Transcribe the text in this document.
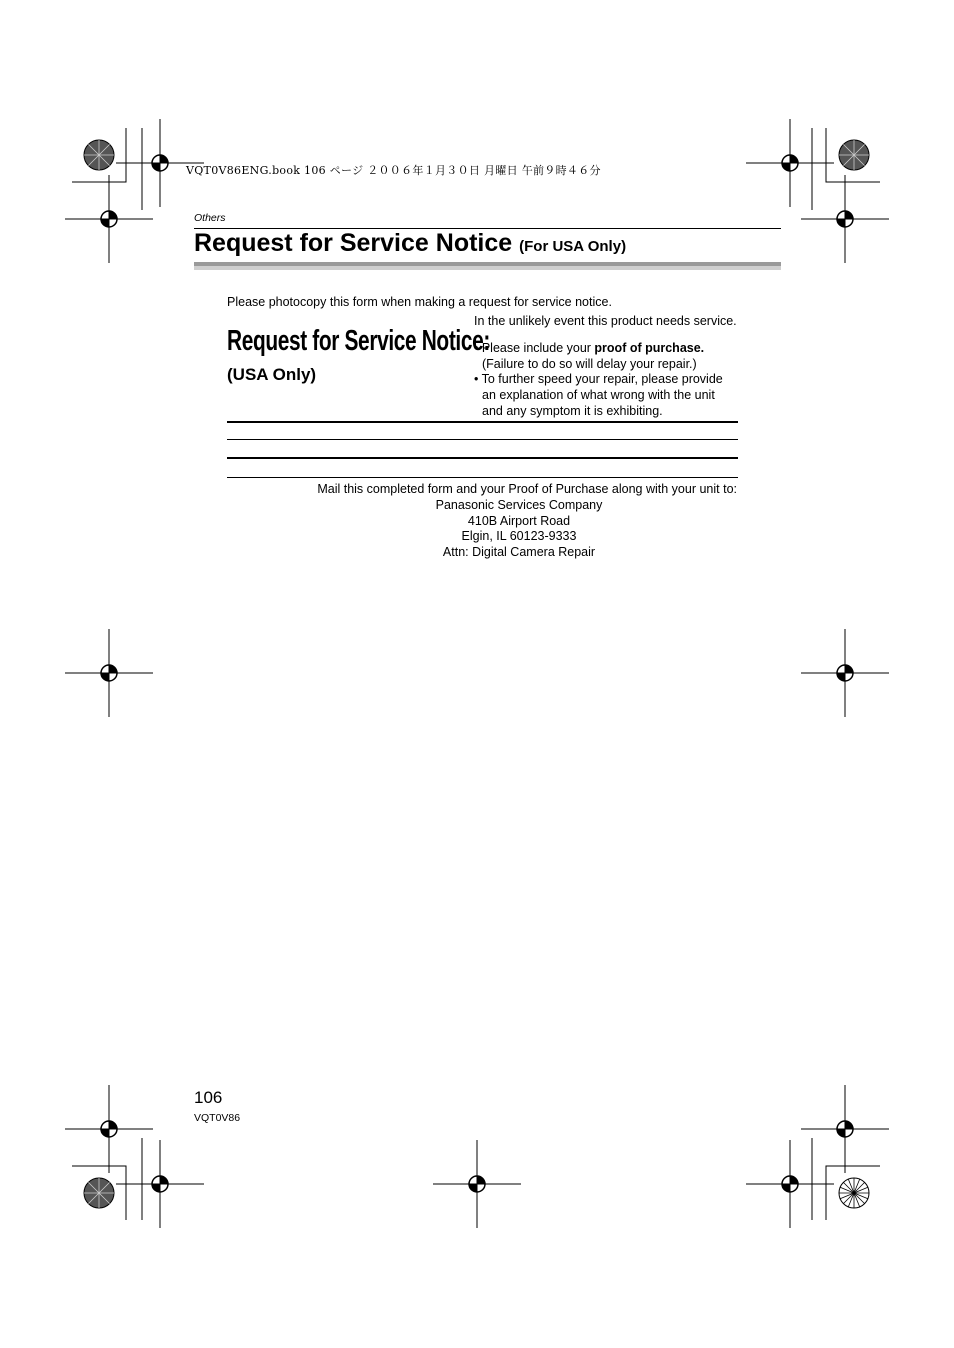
VQT0V86ENG.book 106 ページ ２００６年１月３０日 月曜日 午前９時４６分
Others
Request for Service Notice (For USA Only)
Please photocopy this form when making a request for service notice.
In the unlikely event this product needs service.
Request for Service Notice:
(USA Only)
• Please include your proof of purchase.
(Failure to do so will delay your repair.)
• To further speed your repair, please provide
an explanation of what wrong with the unit
and any symptom it is exhibiting.
Mail this completed form and your Proof of Purchase along with your unit to:
Panasonic Services Company
410B Airport Road
Elgin, IL 60123-9333
Attn: Digital Camera Repair
106
VQT0V86
